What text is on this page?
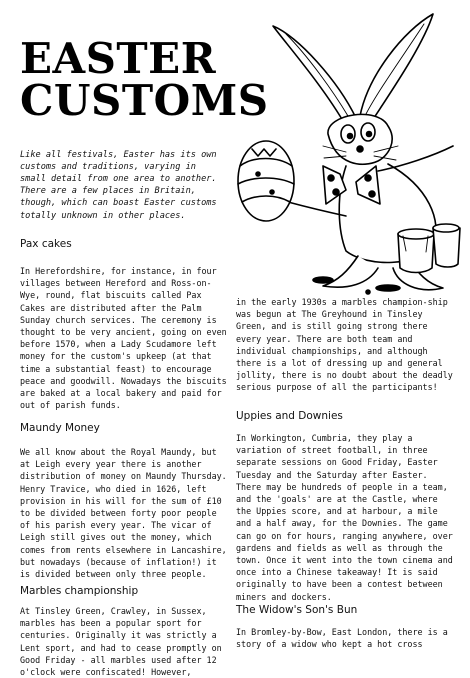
EASTER
CUSTOMS

Like all festivals, Easter has its own customs and traditions, varying in small detail from one area to another. There are a few places in Britain, though, which can boast Easter customs totally unknown in other places.

Pax cakes

In Herefordshire, for instance, in four villages between Hereford and Ross-on-Wye, round, flat biscuits called Pax Cakes are distributed after the Palm Sunday church services. The ceremony is thought to be very ancient, going on even before 1570, when a Lady Scudamore left money for the custom's upkeep (at that time a substantial feast) to encourage peace and goodwill. Nowadays the biscuits are baked at a local bakery and paid for out of parish funds.

Maundy Money

We all know about the Royal Maundy, but at Leigh every year there is another distribution of money on Maundy Thursday. Henry Travice, who died in 1626, left provision in his will for the sum of £10 to be divided between forty poor people of his parish every year. The vicar of Leigh still gives out the money, which comes from rents elsewhere in Lancashire, but nowadays (because of inflation!) it is divided between only three people.

Marbles championship

At Tinsley Green, Crawley, in Sussex, marbles has been a popular sport for centuries. Originally it was strictly a Lent sport, and had to cease promptly on Good Friday - all marbles used after 12 o'clock were confiscated! However,

in the early 1930s a marbles champion-ship was begun at The Greyhound in Tinsley Green, and is still going strong there every year. There are both team and individual championships, and although there is a lot of dressing up and general jollity, there is no doubt about the deadly serious purpose of all the participants!

Uppies and Downies

In Workington, Cumbria, they play a variation of street football, in three separate sessions on Good Friday, Easter Tuesday and the Saturday after Easter. There may be hundreds of people in a team, and the 'goals' are at the Castle, where the Uppies score, and at harbour, a mile and a half away, for the Downies. The game can go on for hours, ranging anywhere, over gardens and fields as well as through the town. Once it went into the town cinema and once into a Chinese takeaway! It is said originally to have been a contest between miners and dockers.

The Widow's Son's Bun

In Bromley-by-Bow, East London, there is a story of a widow who kept a hot cross
